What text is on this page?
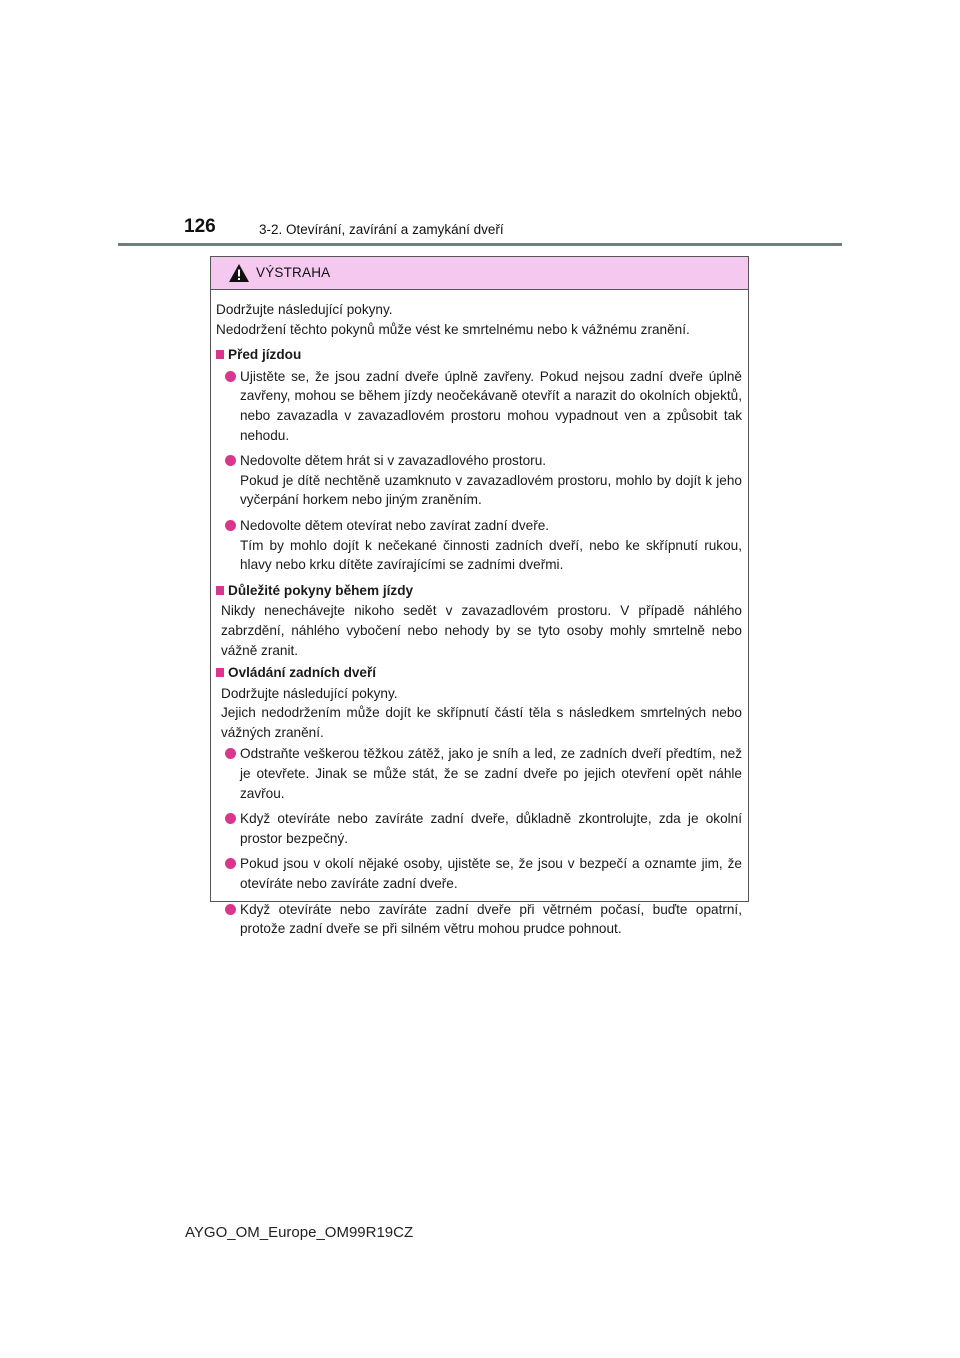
126	3-2. Otevírání, zavírání a zamykání dveří
VÝSTRAHA

Dodržujte následující pokyny.

Nedodržení těchto pokynů může vést ke smrtelnému nebo k vážnému zranění.

Před jízdou

Ujistěte se, že jsou zadní dveře úplně zavřeny. Pokud nejsou zadní dveře úplně zavřeny, mohou se během jízdy neočekávaně otevřít a narazit do okolních objektů, nebo zavazadla v zavazadlovém prostoru mohou vypadnout ven a způsobit tak nehodu.

Nedovolte dětem hrát si v zavazadlového prostoru.

Pokud je dítě nechtěně uzamknuto v zavazadlovém prostoru, mohlo by dojít k jeho vyčerpání horkem nebo jiným zraněním.

Nedovolte dětem otevírat nebo zavírat zadní dveře.

Tím by mohlo dojít k nečekané činnosti zadních dveří, nebo ke skřípnutí rukou, hlavy nebo krku dítěte zavírajícími se zadními dveřmi.

Důležité pokyny během jízdy

Nikdy nenechávejte nikoho sedět v zavazadlovém prostoru. V případě náhlého zabrzdění, náhlého vybočení nebo nehody by se tyto osoby mohly smrtelně nebo vážně zranit.

Ovládání zadních dveří

Dodržujte následující pokyny.

Jejich nedodržením může dojít ke skřípnutí částí těla s následkem smrtelných nebo vážných zranění.

Odstraňte veškerou těžkou zátěž, jako je sníh a led, ze zadních dveří předtím, než je otevřete. Jinak se může stát, že se zadní dveře po jejich otevření opět náhle zavřou.

Když otevíráte nebo zavíráte zadní dveře, důkladně zkontrolujte, zda je okolní prostor bezpečný.

Pokud jsou v okolí nějaké osoby, ujistěte se, že jsou v bezpečí a oznamte jim, že otevíráte nebo zavíráte zadní dveře.

Když otevíráte nebo zavíráte zadní dveře při větrném počasí, buďte opatrní, protože zadní dveře se při silném větru mohou prudce pohnout.

AYGO_OM_Europe_OM99R19CZ
